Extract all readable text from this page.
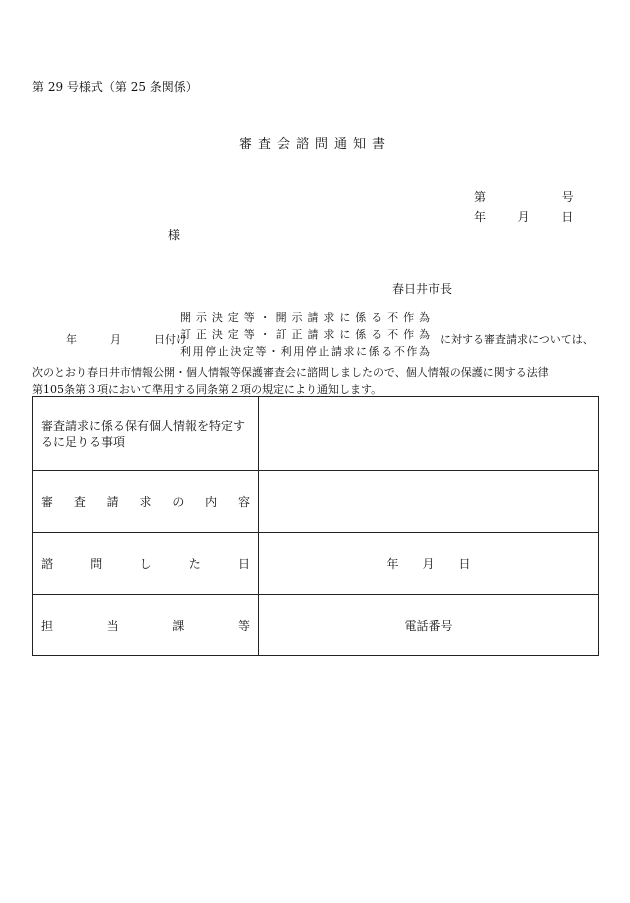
第 29 号様式（第 25 条関係）
審査会諮問通知書
第	号
年	月	日
様
春日井市長
年	月	日付け
開示決定等・開示請求に係る不作為
訂正決定等・訂正請求に係る不作為
利用停止決定等・利用停止請求に係る不作為
に対する審査請求については、
次のとおり春日井市情報公開・個人情報等保護審査会に諮問しましたので、個人情報の保護に関する法律
第105条第３項において準用する同条第２項の規定により通知します。
審査請求に係る保有個人情報を特定するに足りる事項	
審査請求の内容	
諮問した日	年　　月　　日
担当課等	電話番号
